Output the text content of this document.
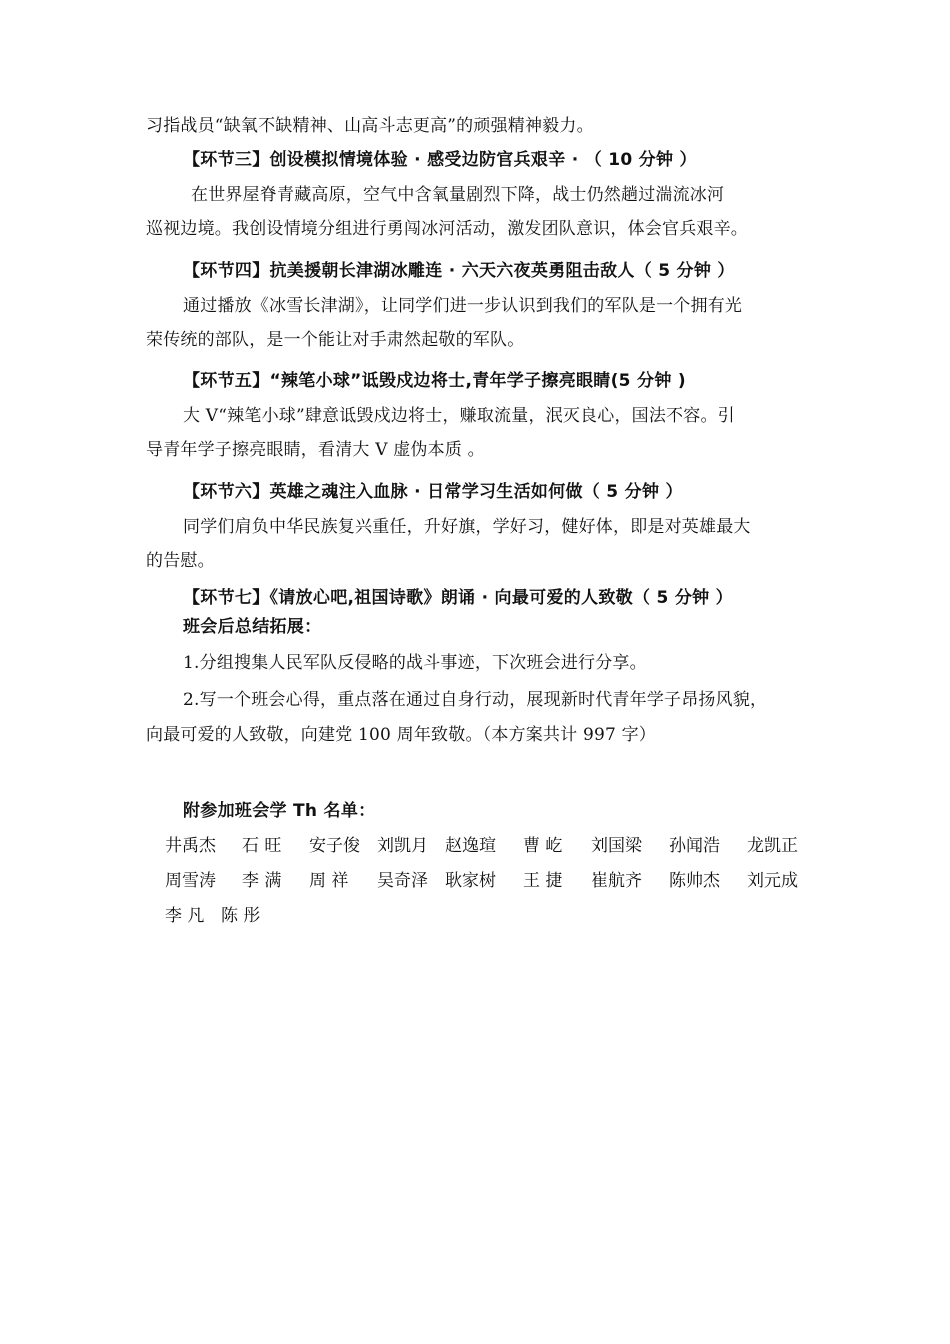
习指战员“缺氧不缺精神、山高斗志更高”的顽强精神毅力。
【环节三】创设模拟情境体验 · 感受边防官兵艰辛 · （ 10 分钟 ）
在世界屋脊青藏高原，空气中含氧量剧烈下降，战士仍然趟过湍流冰河
巡视边境。我创设情境分组进行勇闯冰河活动，激发团队意识，体会官兵艰辛。
【环节四】抗美援朝长津湖冰雕连 · 六天六夜英勇阻击敌人（ 5 分钟 ）
通过播放《冰雪长津湖》，让同学们进一步认识到我们的军队是一个拥有光
荣传统的部队，是一个能让对手肃然起敬的军队。
【环节五】“辣笔小球”诋毁戍边将士,青年学子擦亮眼睛(5 分钟 )
大 V“辣笔小球”肆意诋毁戍边将士，赚取流量，泯灭良心，国法不容。引
导青年学子擦亮眼睛，看清大 V 虚伪本质 。
【环节六】英雄之魂注入血脉 · 日常学习生活如何做（ 5 分钟 ）
同学们肩负中华民族复兴重任，升好旗，学好习，健好体，即是对英雄最大
的告慰。
【环节七】《请放心吧,祖国诗歌》朗诵 · 向最可爱的人致敬（ 5 分钟 ）
班会后总结拓展：
1.分组搜集人民军队反侵略的战斗事迹，下次班会进行分享。
2.写一个班会心得，重点落在通过自身行动，展现新时代青年学子昂扬风貌，
向最可爱的人致敬，向建党 100 周年致敬。（本方案共计 997 字）
附参加班会学 Th 名单：
井禹杰 石 旺 安子俊 刘凯月 赵逸瑄 曹 屹 刘国梁 孙闻浩 龙凯正
周雪涛 李 满 周 祥 吴奇泽 耿家树 王 捷 崔航齐 陈帅杰 刘元成
李 凡 陈 彤
